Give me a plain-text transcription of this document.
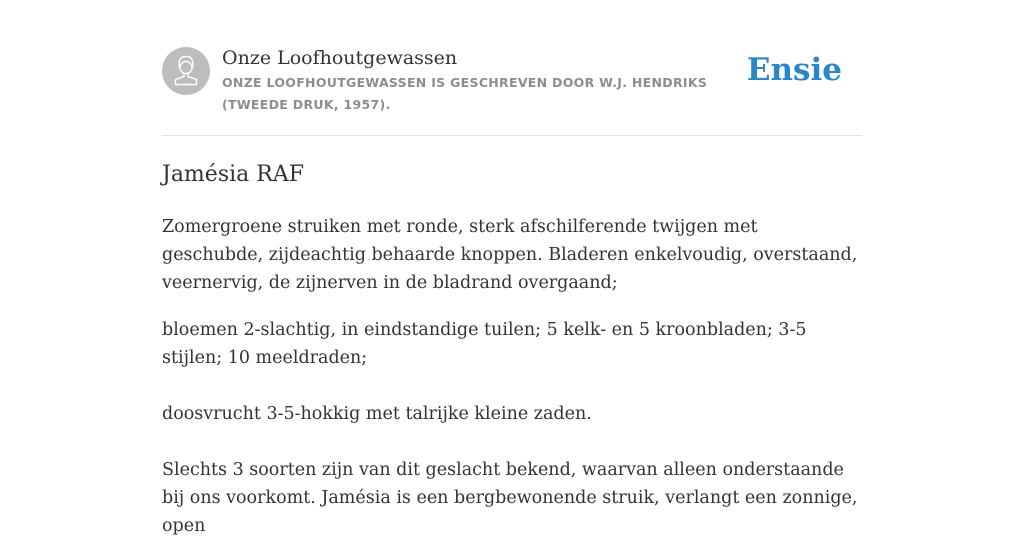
Onze Loofhoutgewassen
ONZE LOOFHOUTGEWASSEN IS GESCHREVEN DOOR W.J. HENDRIKS (TWEEDE DRUK, 1957).
Ensie
Jamésia RAF

Zomergroene struiken met ronde, sterk afschilferende twijgen met geschubde, zijdeachtig behaarde knoppen. Bladeren enkelvoudig, overstaand, veernervig, de zijnerven in de bladrand overgaand;

bloemen 2-slachtig, in eindstandige tuilen; 5 kelk- en 5 kroonbladen; 3-5 stijlen; 10 meeldraden;

doosvrucht 3-5-hokkig met talrijke kleine zaden.

Slechts 3 soorten zijn van dit geslacht bekend, waarvan alleen onderstaande bij ons voorkomt. Jamésia is een bergbewonende struik, verlangt een zonnige, open
